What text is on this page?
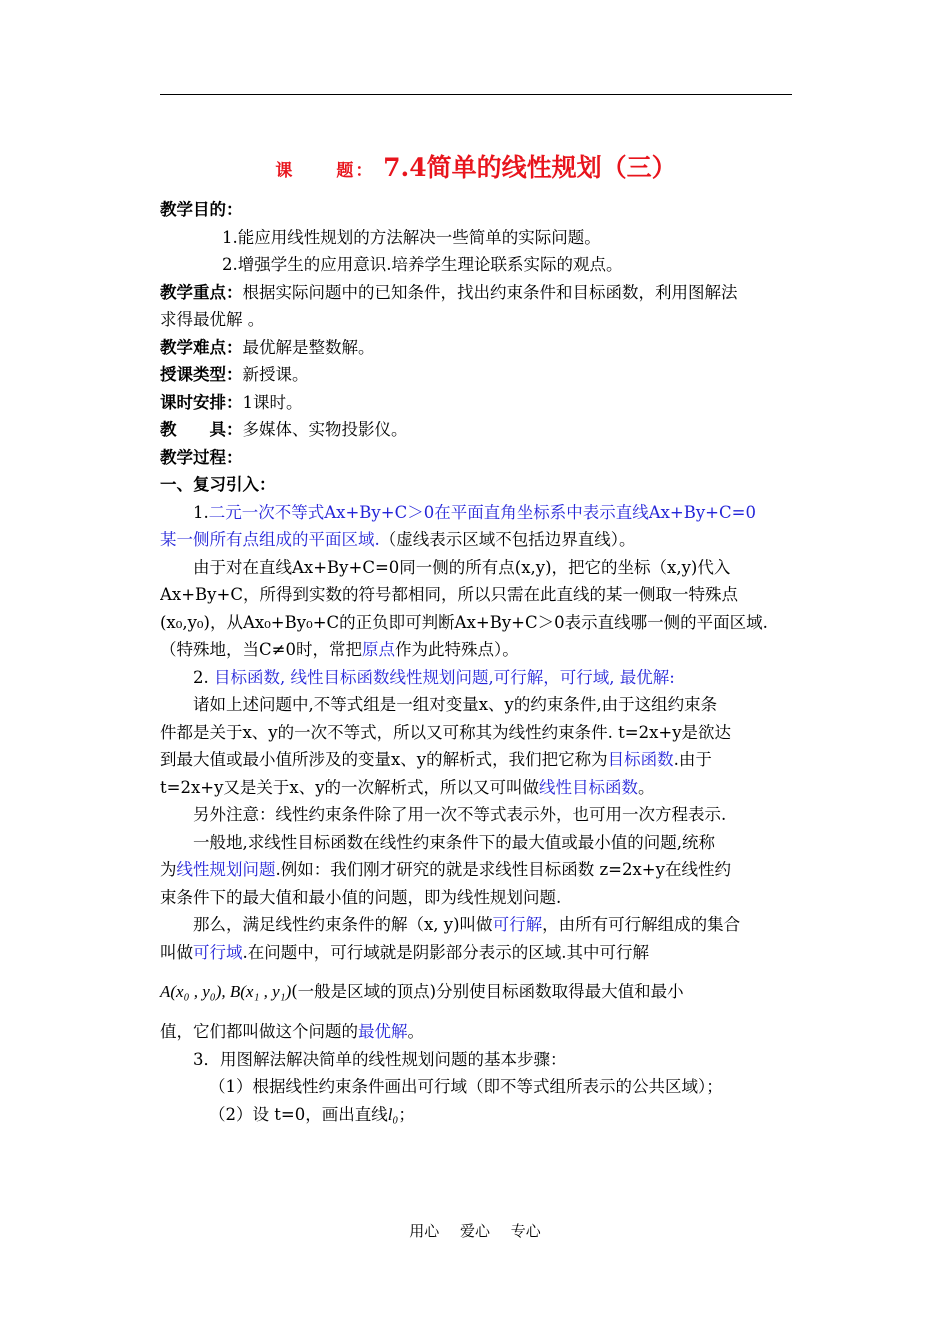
课 题： 7.4简单的线性规划（三）
教学目的：
1.能应用线性规划的方法解决一些简单的实际问题。
2.增强学生的应用意识.培养学生理论联系实际的观点。
教学重点：根据实际问题中的已知条件，找出约束条件和目标函数，利用图解法
求得最优解 。
教学难点：最优解是整数解。
授课类型：新授课。
课时安排：1课时。
教　　具：多媒体、实物投影仪。
教学过程：
一、复习引入：
1.二元一次不等式Ax+By+C＞0在平面直角坐标系中表示直线Ax+By+C=0
某一侧所有点组成的平面区域.（虚线表示区域不包括边界直线）。
由于对在直线Ax+By+C=0同一侧的所有点(x,y)，把它的坐标（x,y)代入
Ax+By+C，所得到实数的符号都相同，所以只需在此直线的某一侧取一特殊点
(x₀,y₀)，从Ax₀+By₀+C的正负即可判断Ax+By+C＞0表示直线哪一侧的平面区域.
（特殊地，当C≠0时，常把原点作为此特殊点）。
2. 目标函数, 线性目标函数线性规划问题,可行解，可行域, 最优解:
诸如上述问题中,不等式组是一组对变量x、y的约束条件,由于这组约束条
件都是关于x、y的一次不等式，所以又可称其为线性约束条件. t=2x+y是欲达
到最大值或最小值所涉及的变量x、y的解析式，我们把它称为目标函数.由于
t=2x+y又是关于x、y的一次解析式，所以又可叫做线性目标函数。
另外注意：线性约束条件除了用一次不等式表示外，也可用一次方程表示.
一般地,求线性目标函数在线性约束条件下的最大值或最小值的问题,统称
为线性规划问题.例如：我们刚才研究的就是求线性目标函数 z=2x+y在线性约
束条件下的最大值和最小值的问题，即为线性规划问题.
那么，满足线性约束条件的解（x, y)叫做可行解，由所有可行解组成的集合
叫做可行域.在问题中，可行域就是阴影部分表示的区域.其中可行解
A(x₀ , y₀), B(x₁ , y₁) (一般是区域的顶点)分别使目标函数取得最大值和最小
值，它们都叫做这个问题的最优解。
3．用图解法解决简单的线性规划问题的基本步骤：
（1）根据线性约束条件画出可行域（即不等式组所表示的公共区域）；
（2）设 t=0，画出直线l₀；
用心 爱心 专心
